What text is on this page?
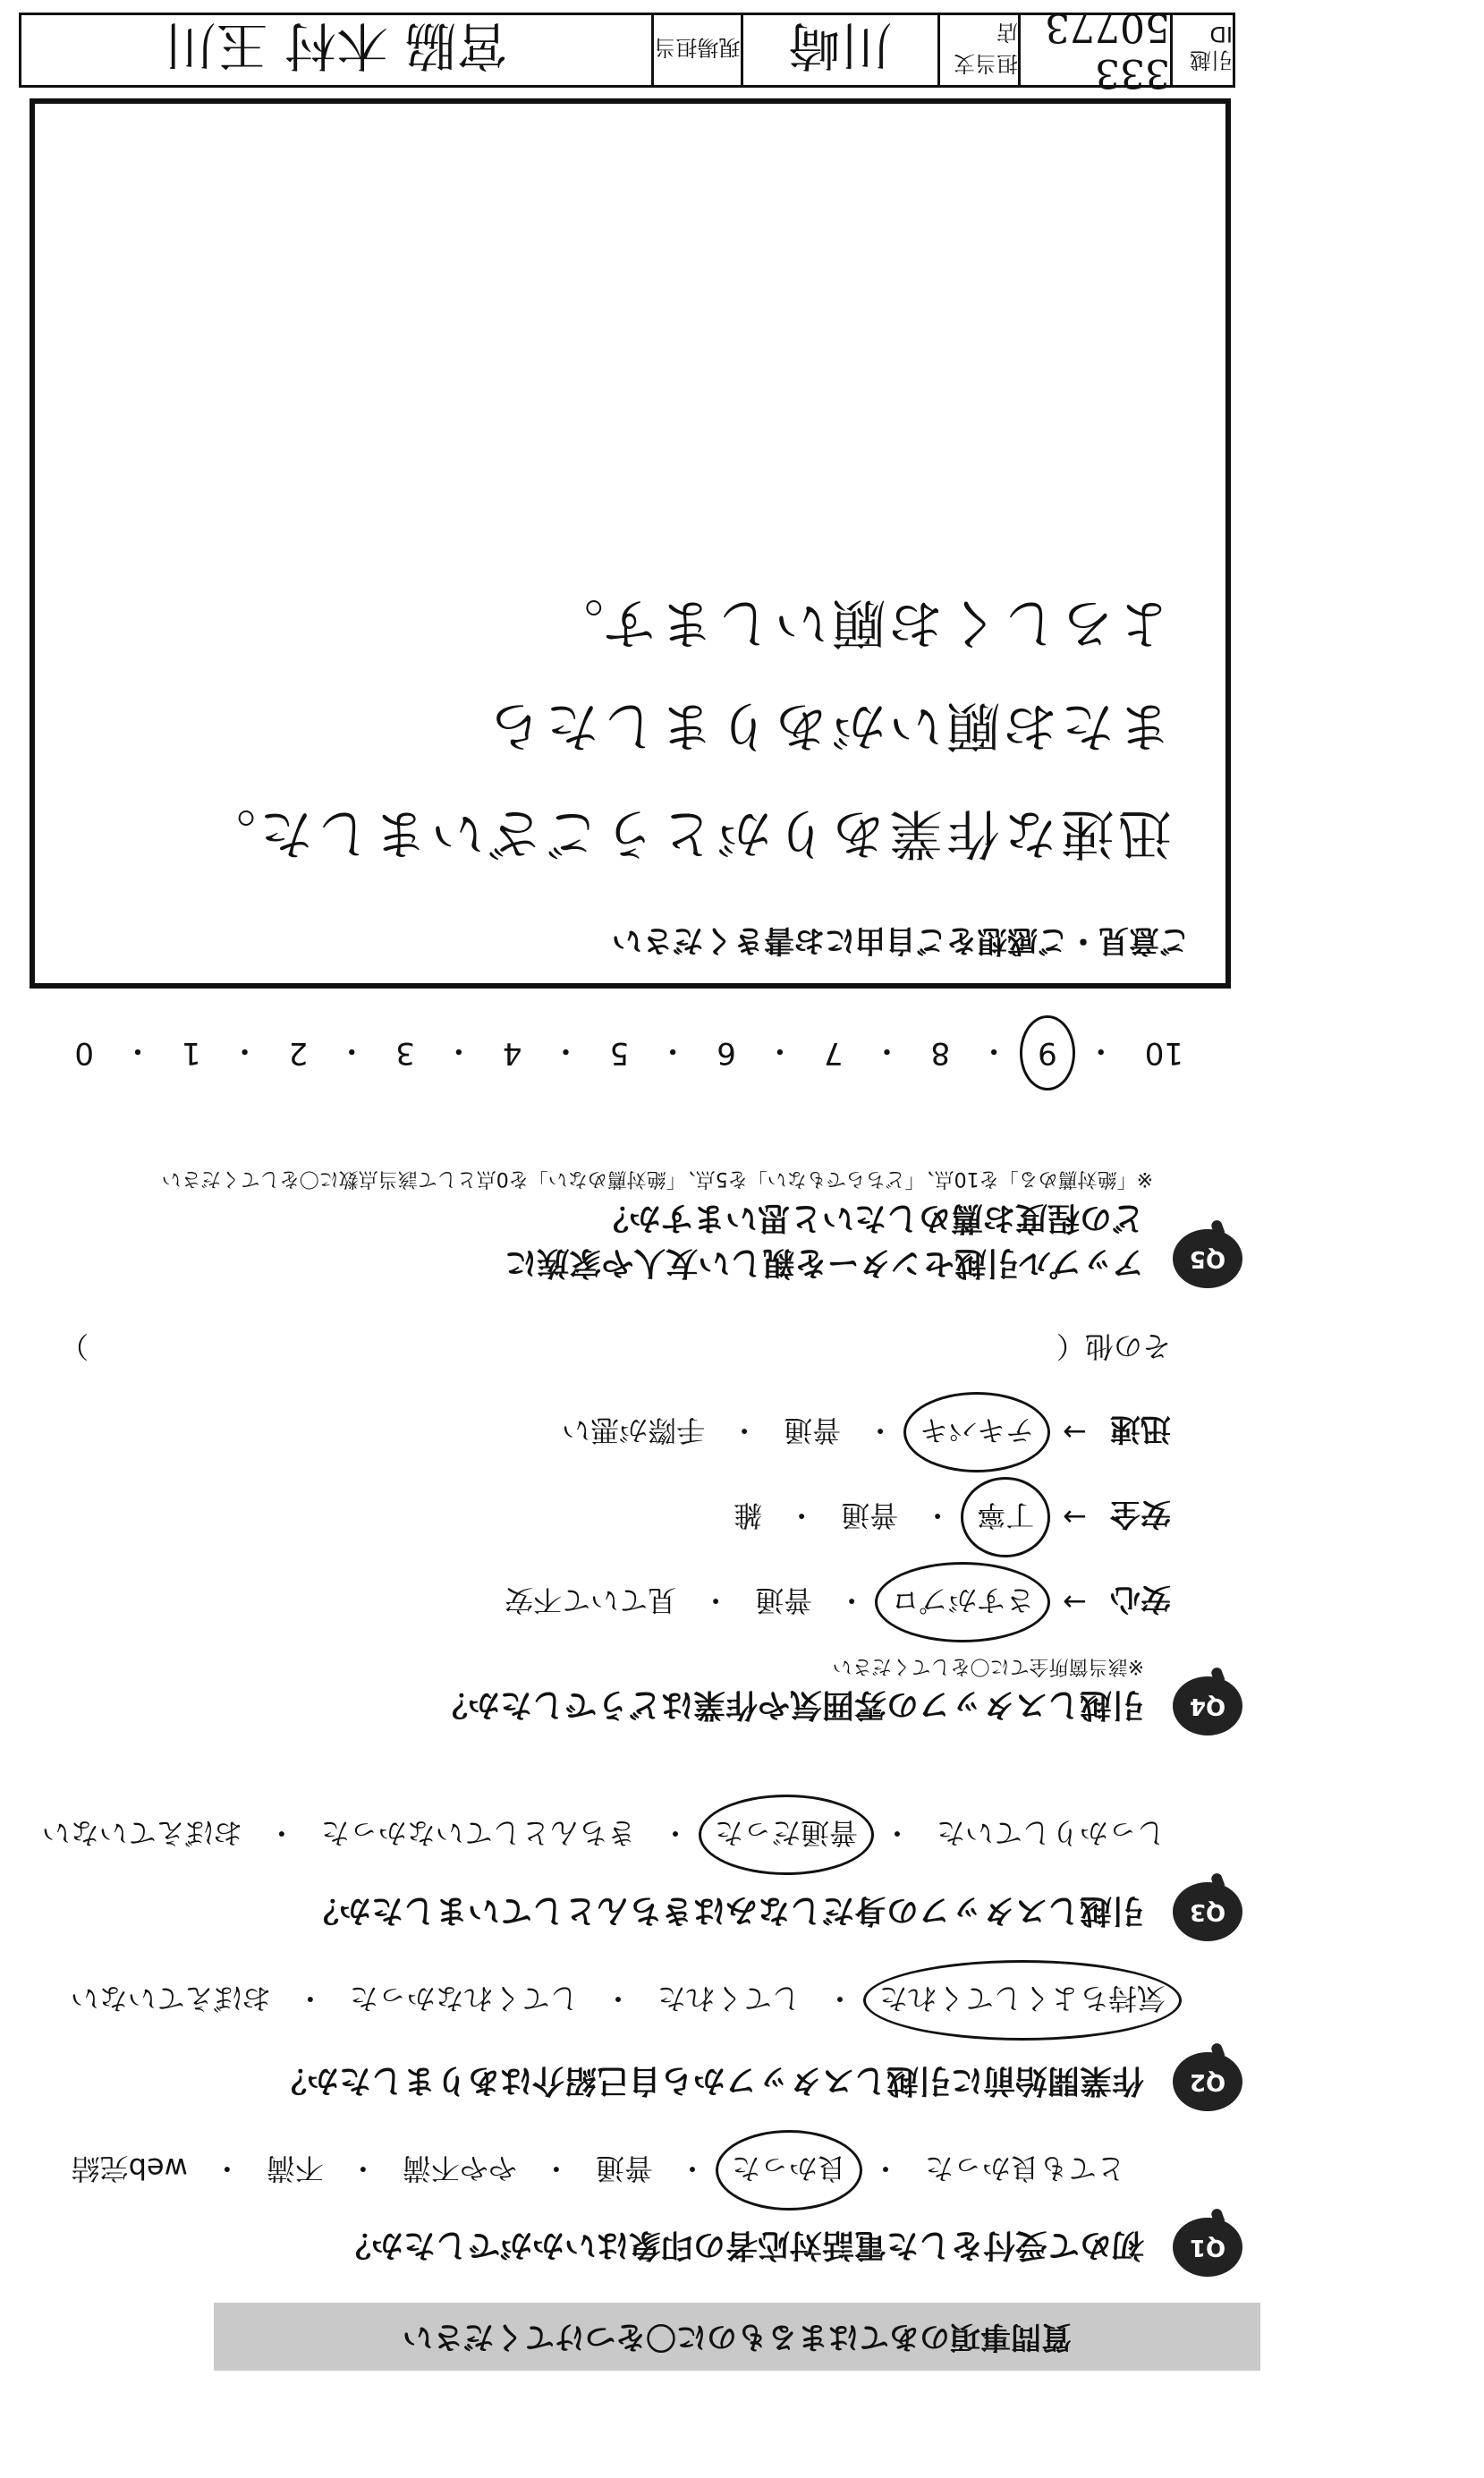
質問事項のあてはまるものに〇をつけてください
Q1
初めて受付をした電話対応者の印象はいかがでしたか？
とても良かった
・
良かった
・
普通
・
やや不満
・
不満
・
web完結
Q2
作業開始前に引越しスタッフから自己紹介はありましたか？
気持ちよくしてくれた
・
してくれた
・
してくれなかった
・
おぼえていない
Q3
引越しスタッフの身だしなみはきちんとしていましたか？
しっかりしていた
・
普通だった
・
きちんとしていなかった
・
おぼえていない
Q4
引越しスタッフの雰囲気や作業はどうでしたか？
※該当箇所全てに〇をしてください
安心
→
さすがプロ
・
普通
・
見ていて不安
安全
→
丁寧
・
普通
・
雑
迅速
→
テキパキ
・
普通
・
手際が悪い
その他（
）
Q5
アップル引越センターを親しい友人や家族に
どの程度お薦めしたいと思いますか？
※「絶対薦める」を10点、「どちらでもない」を5点、「絶対薦めない」を0点として該当点数に〇をしてください
10
・
9
・
8
・
7
・
6
・
5
・
4
・
3
・
2
・
1
・
0
ご意見・ご感想をご自由にお書きください
迅速な作業ありがとうございました。
またお願いがありましたら
よろしくお願いします。
引越ID
333 50773
担当支店
川崎
現場担当
宮脇 木村 玉川
